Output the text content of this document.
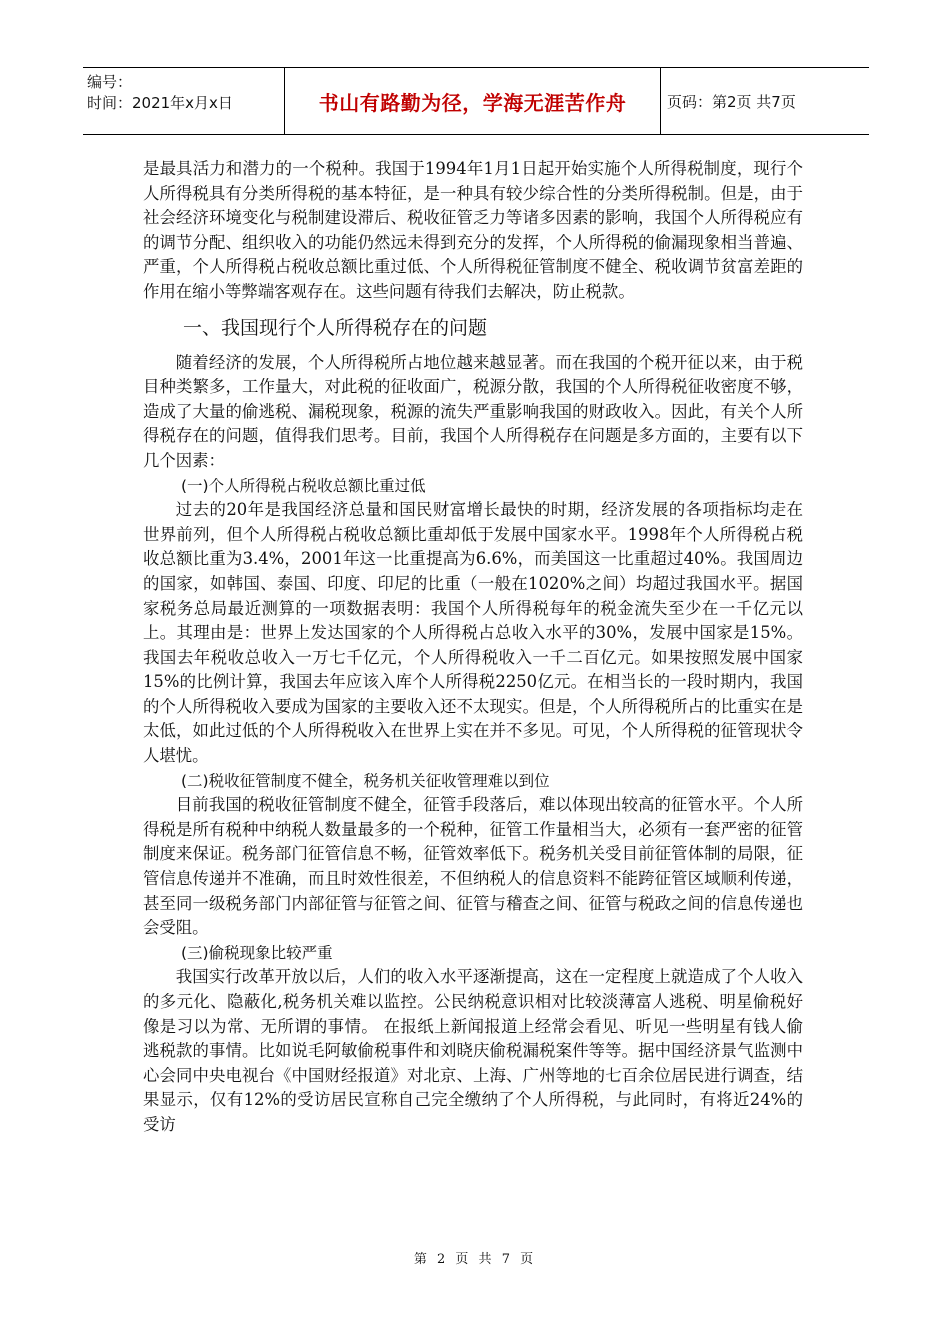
编号：
时间：2021年x月x日	书山有路勤为径，学海无涯苦作舟	页码：第2页 共7页

是最具活力和潜力的一个税种。我国于1994年1月1日起开始实施个人所得税制度，现行个人所得税具有分类所得税的基本特征，是一种具有较少综合性的分类所得税制。但是，由于社会经济环境变化与税制建设滞后、税收征管乏力等诸多因素的影响，我国个人所得税应有的调节分配、组织收入的功能仍然远未得到充分的发挥，个人所得税的偷漏现象相当普遍、严重，个人所得税占税收总额比重过低、个人所得税征管制度不健全、税收调节贫富差距的作用在缩小等弊端客观存在。这些问题有待我们去解决，防止税款。

一、我国现行个人所得税存在的问题

随着经济的发展，个人所得税所占地位越来越显著。而在我国的个税开征以来，由于税目种类繁多，工作量大，对此税的征收面广，税源分散，我国的个人所得税征收密度不够，造成了大量的偷逃税、漏税现象，税源的流失严重影响我国的财政收入。因此，有关个人所得税存在的问题，值得我们思考。目前，我国个人所得税存在问题是多方面的，主要有以下几个因素：

(一)个人所得税占税收总额比重过低

过去的20年是我国经济总量和国民财富增长最快的时期，经济发展的各项指标均走在世界前列，但个人所得税占税收总额比重却低于发展中国家水平。1998年个人所得税占税收总额比重为3.4%，2001年这一比重提高为6.6%，而美国这一比重超过40%。我国周边的国家，如韩国、泰国、印度、印尼的比重（一般在1020%之间）均超过我国水平。据国家税务总局最近测算的一项数据表明：我国个人所得税每年的税金流失至少在一千亿元以上。其理由是：世界上发达国家的个人所得税占总收入水平的30%，发展中国家是15%。我国去年税收总收入一万七千亿元，个人所得税收入一千二百亿元。如果按照发展中国家15%的比例计算，我国去年应该入库个人所得税2250亿元。在相当长的一段时期内，我国的个人所得税收入要成为国家的主要收入还不太现实。但是，个人所得税所占的比重实在是太低，如此过低的个人所得税收入在世界上实在并不多见。可见，个人所得税的征管现状令人堪忧。

(二)税收征管制度不健全，税务机关征收管理难以到位

目前我国的税收征管制度不健全，征管手段落后，难以体现出较高的征管水平。个人所得税是所有税种中纳税人数量最多的一个税种，征管工作量相当大，必须有一套严密的征管制度来保证。税务部门征管信息不畅，征管效率低下。税务机关受目前征管体制的局限，征管信息传递并不准确，而且时效性很差，不但纳税人的信息资料不能跨征管区域顺利传递，甚至同一级税务部门内部征管与征管之间、征管与稽查之间、征管与税政之间的信息传递也会受阻。

(三)偷税现象比较严重

我国实行改革开放以后，人们的收入水平逐渐提高，这在一定程度上就造成了个人收入的多元化、隐蔽化,税务机关难以监控。公民纳税意识相对比较淡薄富人逃税、明星偷税好像是习以为常、无所谓的事情。 在报纸上新闻报道上经常会看见、听见一些明星有钱人偷逃税款的事情。比如说毛阿敏偷税事件和刘晓庆偷税漏税案件等等。据中国经济景气监测中心会同中央电视台《中国财经报道》对北京、上海、广州等地的七百余位居民进行调查，结果显示，仅有12%的受访居民宣称自己完全缴纳了个人所得税，与此同时，有将近24%的受访

第 2 页 共 7 页
